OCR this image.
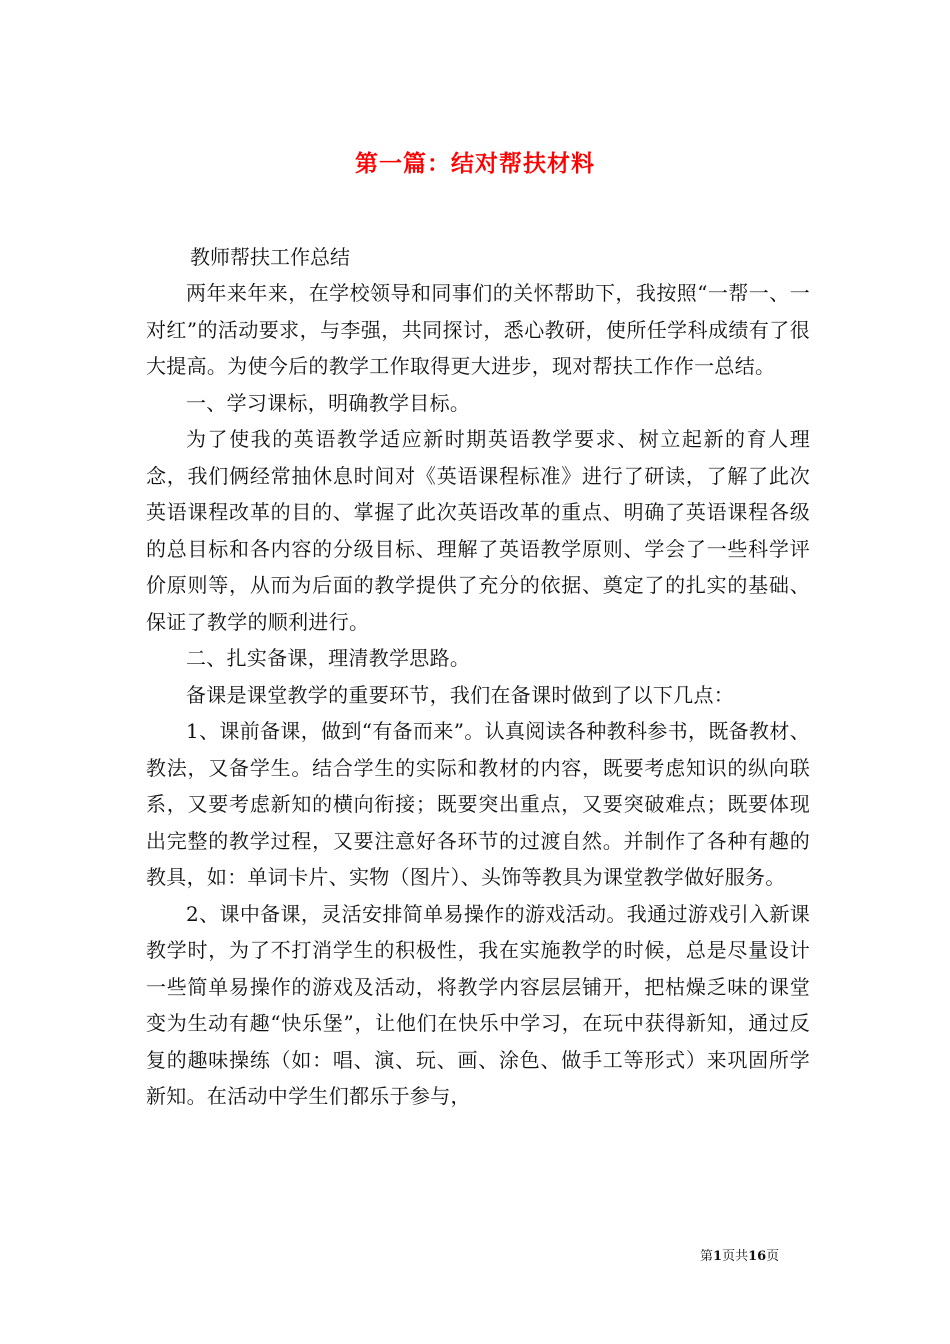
第一篇：结对帮扶材料
教师帮扶工作总结

两年来年来，在学校领导和同事们的关怀帮助下，我按照“一帮一、一对红”的活动要求，与李强，共同探讨，悉心教研，使所任学科成绩有了很大提高。为使今后的教学工作取得更大进步，现对帮扶工作作一总结。

一、学习课标，明确教学目标。

为了使我的英语教学适应新时期英语教学要求、树立起新的育人理念，我们俩经常抽休息时间对《英语课程标准》进行了研读，了解了此次英语课程改革的目的、掌握了此次英语改革的重点、明确了英语课程各级的总目标和各内容的分级目标、理解了英语教学原则、学会了一些科学评价原则等，从而为后面的教学提供了充分的依据、奠定了的扎实的基础、保证了教学的顺利进行。

二、扎实备课，理清教学思路。

备课是课堂教学的重要环节，我们在备课时做到了以下几点：

1、课前备课，做到“有备而来”。认真阅读各种教科参书，既备教材、教法，又备学生。结合学生的实际和教材的内容，既要考虑知识的纵向联系，又要考虑新知的横向衔接；既要突出重点，又要突破难点；既要体现出完整的教学过程，又要注意好各环节的过渡自然。并制作了各种有趣的教具，如：单词卡片、实物（图片）、头饰等教具为课堂教学做好服务。

2、课中备课，灵活安排简单易操作的游戏活动。我通过游戏引入新课教学时，为了不打消学生的积极性，我在实施教学的时候，总是尽量设计一些简单易操作的游戏及活动，将教学内容层层铺开，把枯燥乏味的课堂变为生动有趣“快乐堡”，让他们在快乐中学习，在玩中获得新知，通过反复的趣味操练（如：唱、演、玩、画、涂色、做手工等形式）来巩固所学新知。在活动中学生们都乐于参与，

第1页共16页
